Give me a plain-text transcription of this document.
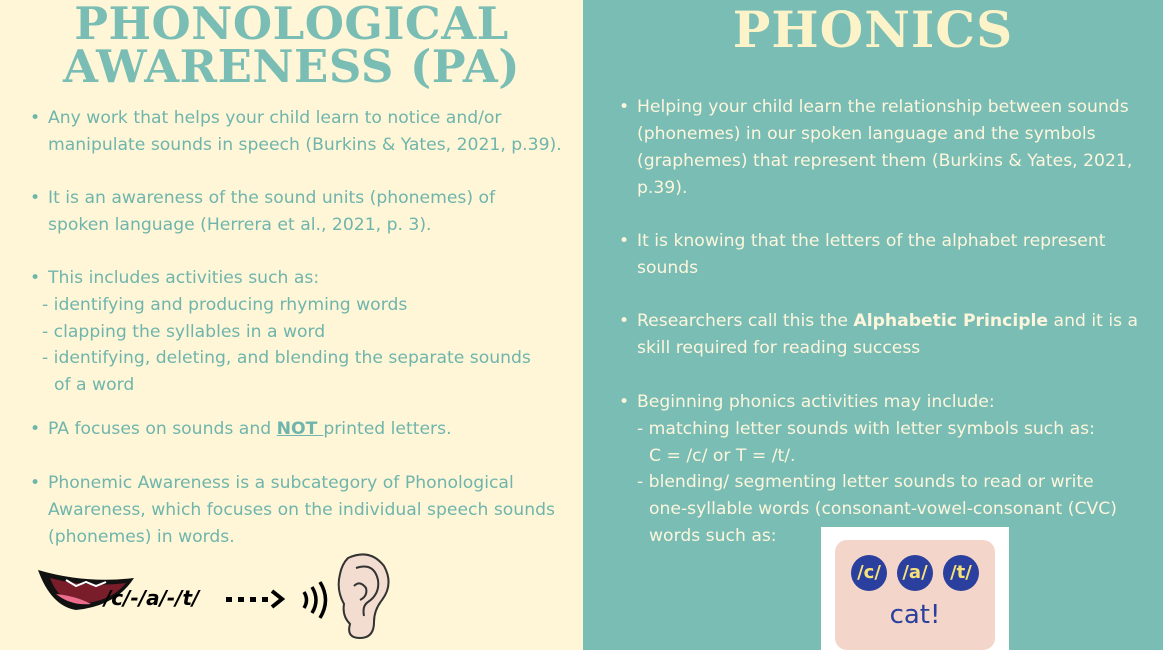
PHONOLOGICAL
AWARENESS (PA)
• Any work that helps your child learn to notice and/or
manipulate sounds in speech (Burkins & Yates, 2021, p.39).
• It is an awareness of the sound units (phonemes) of
spoken language (Herrera et al., 2021, p. 3).
• This includes activities such as:
- identifying and producing rhyming words
- clapping the syllables in a word
- identifying, deleting, and blending the separate sounds
of a word
• PA focuses on sounds and NOT printed letters.
• Phonemic Awareness is a subcategory of Phonological
Awareness, which focuses on the individual speech sounds
(phonemes) in words.
/c/-/a/-/t/
PHONICS
• Helping your child learn the relationship between sounds
(phonemes) in our spoken language and the symbols
(graphemes) that represent them (Burkins & Yates, 2021,
p.39).
• It is knowing that the letters of the alphabet represent
sounds
• Researchers call this the Alphabetic Principle and it is a
skill required for reading success
• Beginning phonics activities may include:
- matching letter sounds with letter symbols such as:
C = /c/ or T = /t/.
- blending/ segmenting letter sounds to read or write
one-syllable words (consonant-vowel-consonant (CVC)
words such as:
/c/	/a/	/t/
cat!
